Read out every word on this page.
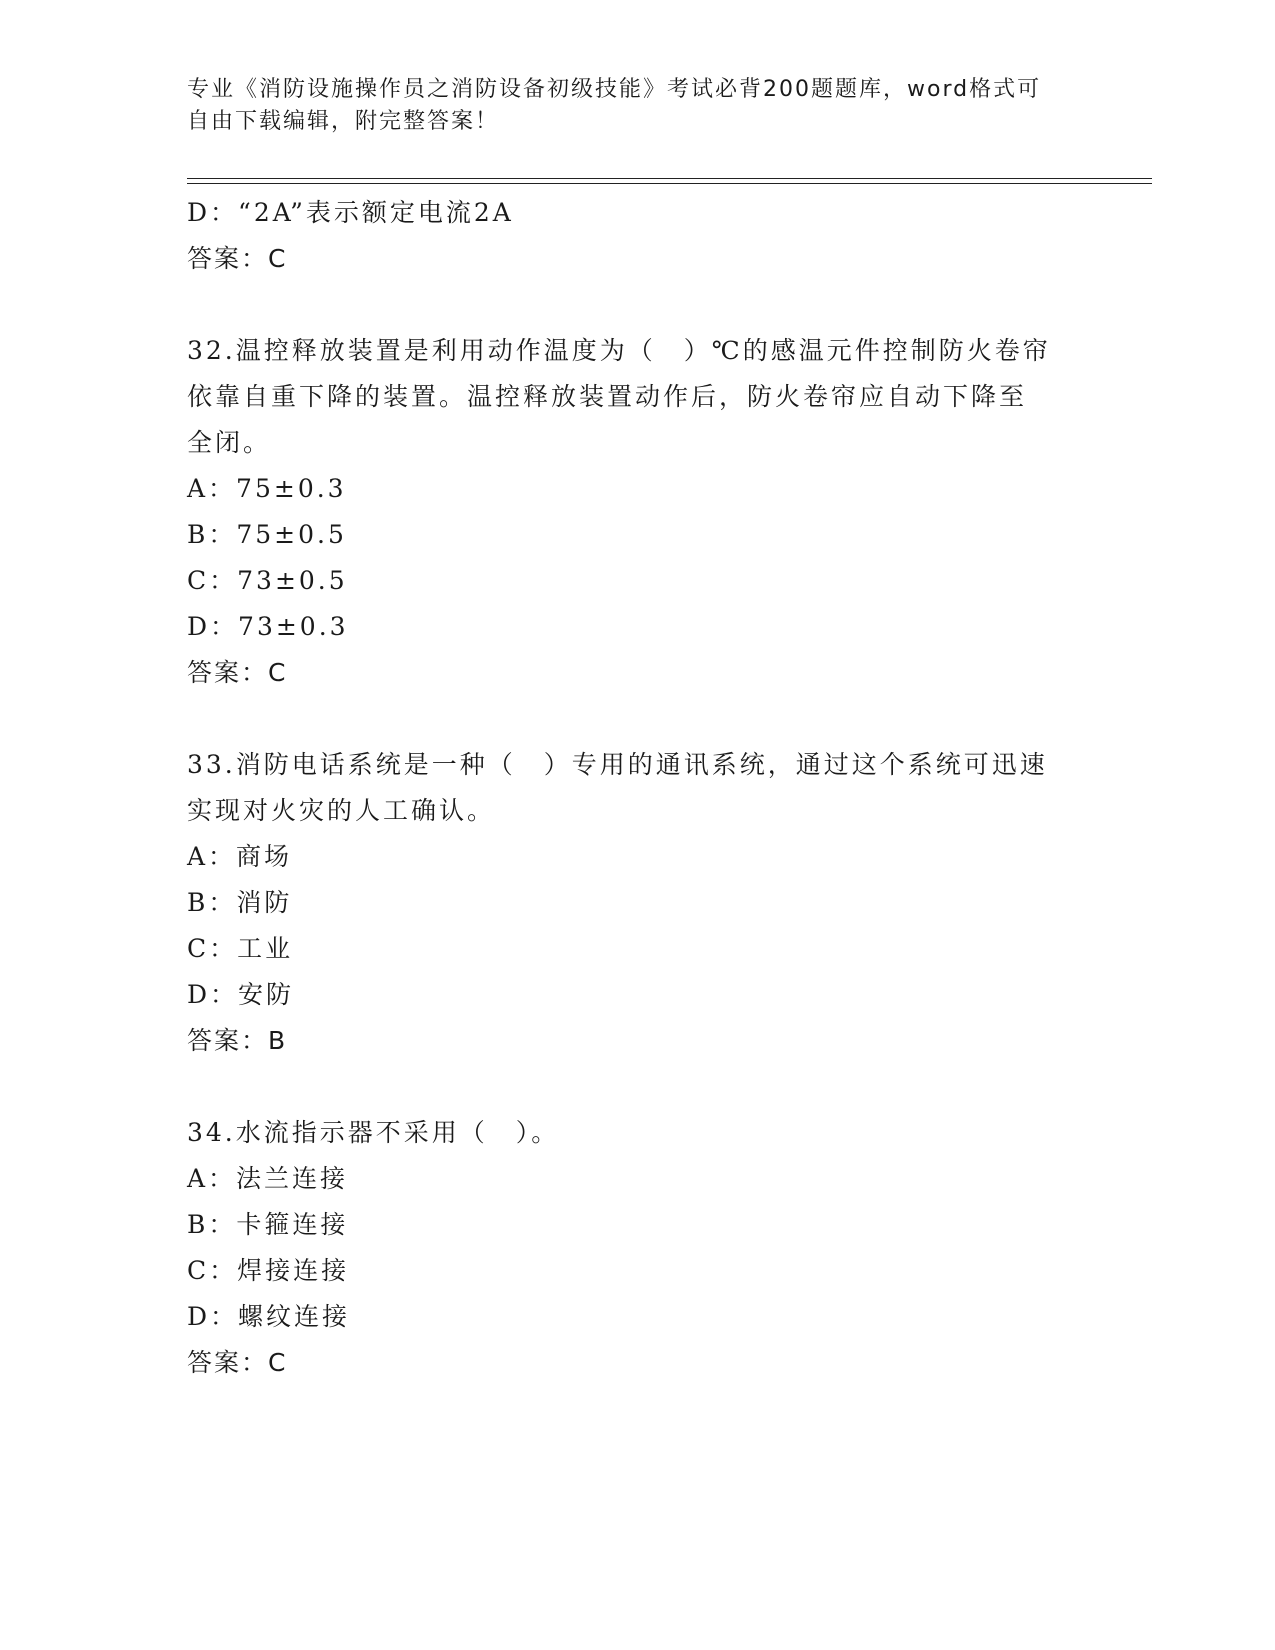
专业《消防设施操作员之消防设备初级技能》考试必背200题题库，word格式可
自由下载编辑，附完整答案！
D：“2A”表示额定电流2A
答案：C
32.温控释放装置是利用动作温度为（　）℃的感温元件控制防火卷帘
依靠自重下降的装置。温控释放装置动作后，防火卷帘应自动下降至
全闭。
A：75±0.3
B：75±0.5
C：73±0.5
D：73±0.3
答案：C
33.消防电话系统是一种（　）专用的通讯系统，通过这个系统可迅速
实现对火灾的人工确认。
A：商场
B：消防
C：工业
D：安防
答案：B
34.水流指示器不采用（　）。
A：法兰连接
B：卡箍连接
C：焊接连接
D：螺纹连接
答案：C
